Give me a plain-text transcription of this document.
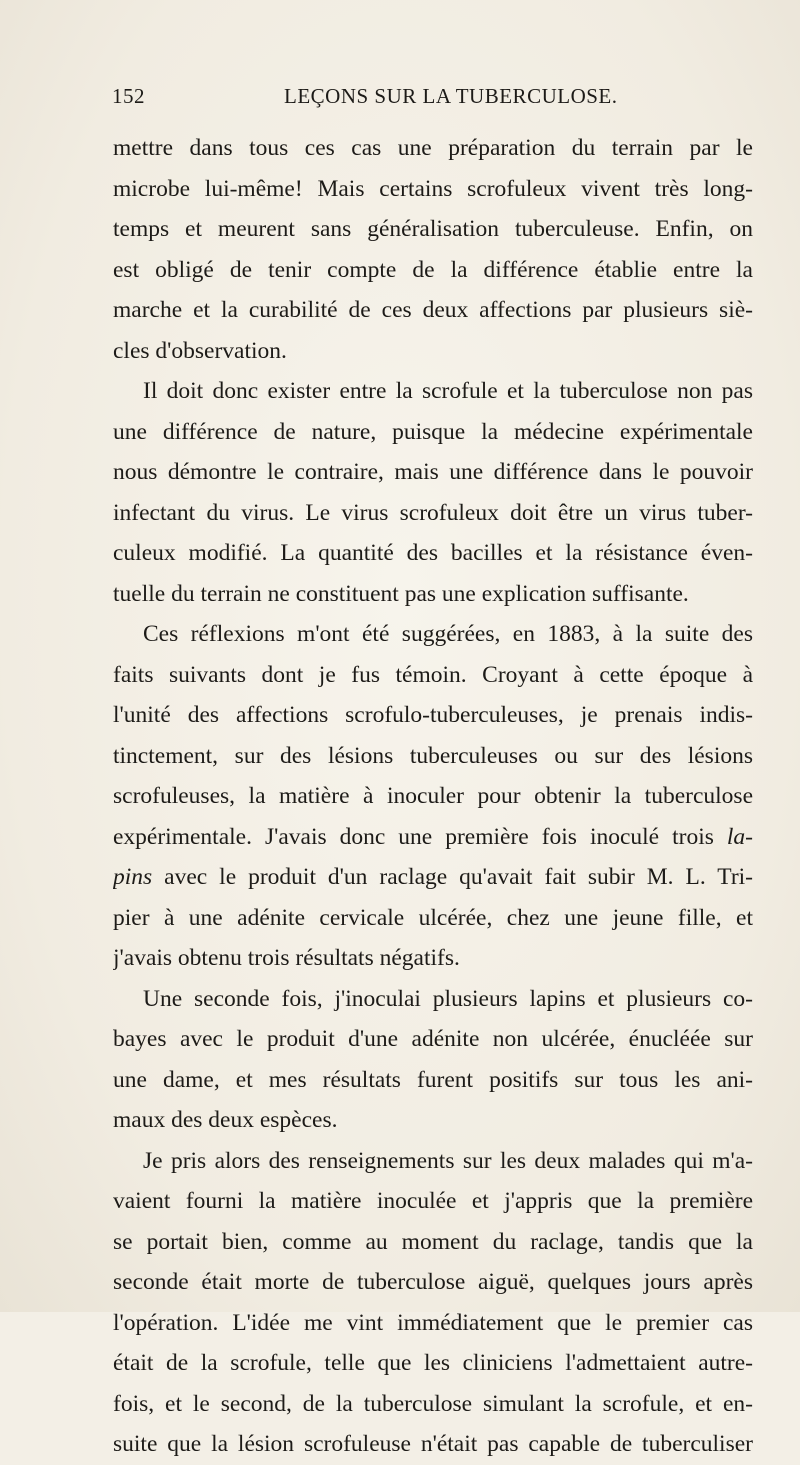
152	LEÇONS SUR LA TUBERCULOSE.
mettre dans tous ces cas une préparation du terrain par le
microbe lui-même! Mais certains scrofuleux vivent très long-
temps et meurent sans généralisation tuberculeuse. Enfin, on
est obligé de tenir compte de la différence établie entre la
marche et la curabilité de ces deux affections par plusieurs siè-
cles d'observation.
Il doit donc exister entre la scrofule et la tuberculose non pas
une différence de nature, puisque la médecine expérimentale
nous démontre le contraire, mais une différence dans le pouvoir
infectant du virus. Le virus scrofuleux doit être un virus tuber-
culeux modifié. La quantité des bacilles et la résistance éven-
tuelle du terrain ne constituent pas une explication suffisante.
Ces réflexions m'ont été suggérées, en 1883, à la suite des
faits suivants dont je fus témoin. Croyant à cette époque à
l'unité des affections scrofulo-tuberculeuses, je prenais indis-
tinctement, sur des lésions tuberculeuses ou sur des lésions
scrofuleuses, la matière à inoculer pour obtenir la tuberculose
expérimentale. J'avais donc une première fois inoculé trois la-
pins avec le produit d'un raclage qu'avait fait subir M. L. Tri-
pier à une adénite cervicale ulcérée, chez une jeune fille, et
j'avais obtenu trois résultats négatifs.
Une seconde fois, j'inoculai plusieurs lapins et plusieurs co-
bayes avec le produit d'une adénite non ulcérée, énucléée sur
une dame, et mes résultats furent positifs sur tous les ani-
maux des deux espèces.
Je pris alors des renseignements sur les deux malades qui m'a-
vaient fourni la matière inoculée et j'appris que la première
se portait bien, comme au moment du raclage, tandis que la
seconde était morte de tuberculose aiguë, quelques jours après
l'opération. L'idée me vint immédiatement que le premier cas
était de la scrofule, telle que les cliniciens l'admettaient autre-
fois, et le second, de la tuberculose simulant la scrofule, et en-
suite que la lésion scrofuleuse n'était pas capable de tuberculiser
